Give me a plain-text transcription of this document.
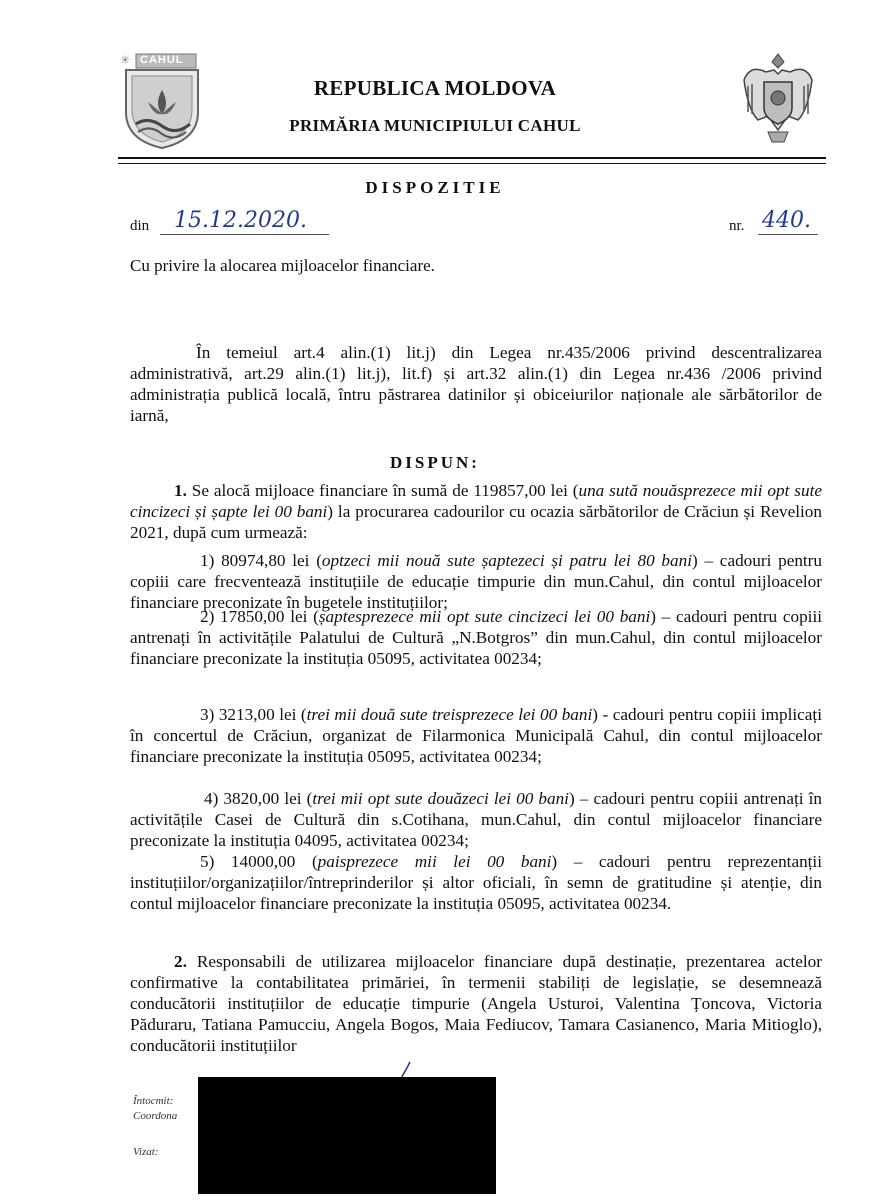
✳ CAHUL
REPUBLICA MOLDOVA
PRIMĂRIA MUNICIPIULUI CAHUL
DISPOZITIE
din	15.12.2020.	nr. 440.
Cu privire la alocarea mijloacelor financiare.
În temeiul art.4 alin.(1) lit.j) din Legea nr.435/2006 privind descentralizarea administrativă, art.29 alin.(1) lit.j), lit.f) și art.32 alin.(1) din Legea nr.436 /2006 privind administrația publică locală, întru păstrarea datinilor și obiceiurilor naționale ale sărbătorilor de iarnă,
DISPUN:
1. Se alocă mijloace financiare în sumă de 119857,00 lei (una sută nouăsprezece mii opt sute cincizeci și șapte lei 00 bani) la procurarea cadourilor cu ocazia sărbătorilor de Crăciun și Revelion 2021, după cum urmează:
1) 80974,80 lei (optzeci mii nouă sute șaptezeci și patru lei 80 bani) – cadouri pentru copiii care frecventează instituțiile de educație timpurie din mun.Cahul, din contul mijloacelor financiare preconizate în bugetele instituțiilor;
2) 17850,00 lei (șaptesprezece mii opt sute cincizeci lei 00 bani) – cadouri pentru copiii antrenați în activitățile Palatului de Cultură „N.Botgros” din mun.Cahul, din contul mijloacelor financiare preconizate la instituția 05095, activitatea 00234;
3) 3213,00 lei (trei mii două sute treisprezece lei 00 bani) - cadouri pentru copiii implicați în concertul de Crăciun, organizat de Filarmonica Municipală Cahul, din contul mijloacelor financiare preconizate la instituția 05095, activitatea 00234;
4) 3820,00 lei (trei mii opt sute douăzeci lei 00 bani) – cadouri pentru copiii antrenați în activitățile Casei de Cultură din s.Cotihana, mun.Cahul, din contul mijloacelor financiare preconizate la instituția 04095, activitatea 00234;
5) 14000,00 (paisprezece mii lei 00 bani) – cadouri pentru reprezentanții instituțiilor/organizațiilor/întreprinderilor și altor oficiali, în semn de gratitudine și atenție, din contul mijloacelor financiare preconizate la instituția 05095, activitatea 00234.
2. Responsabili de utilizarea mijloacelor financiare după destinație, prezentarea actelor confirmative la contabilitatea primăriei, în termenii stabiliți de legislație, se desemnează conducătorii instituțiilor de educație timpurie (Angela Usturoi, Valentina Țoncova, Victoria Păduraru, Tatiana Pamucciu, Angela Bogos, Maia Fediucov, Tamara Casianenco, Maria Mitioglo), conducătorii instituțiilor
Întocmit:
Coordona
Vizat:
